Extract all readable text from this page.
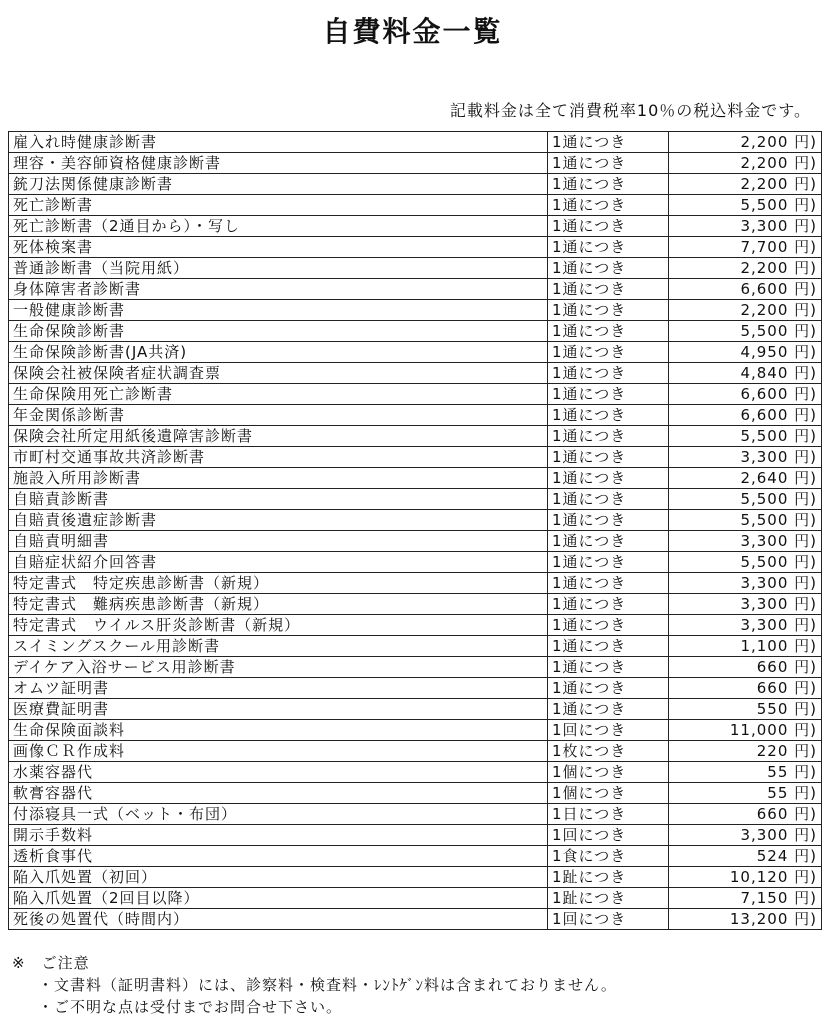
自費料金一覧
記載料金は全て消費税率10％の税込料金です。
雇入れ時健康診断書	1通につき	2,200 円)
理容・美容師資格健康診断書	1通につき	2,200 円)
銃刀法関係健康診断書	1通につき	2,200 円)
死亡診断書	1通につき	5,500 円)
死亡診断書（2通目から）・写し	1通につき	3,300 円)
死体検案書	1通につき	7,700 円)
普通診断書（当院用紙）	1通につき	2,200 円)
身体障害者診断書	1通につき	6,600 円)
一般健康診断書	1通につき	2,200 円)
生命保険診断書	1通につき	5,500 円)
生命保険診断書(JA共済)	1通につき	4,950 円)
保険会社被保険者症状調査票	1通につき	4,840 円)
生命保険用死亡診断書	1通につき	6,600 円)
年金関係診断書	1通につき	6,600 円)
保険会社所定用紙後遺障害診断書	1通につき	5,500 円)
市町村交通事故共済診断書	1通につき	3,300 円)
施設入所用診断書	1通につき	2,640 円)
自賠責診断書	1通につき	5,500 円)
自賠責後遺症診断書	1通につき	5,500 円)
自賠責明細書	1通につき	3,300 円)
自賠症状紹介回答書	1通につき	5,500 円)
特定書式　特定疾患診断書（新規）	1通につき	3,300 円)
特定書式　難病疾患診断書（新規）	1通につき	3,300 円)
特定書式　ウイルス肝炎診断書（新規）	1通につき	3,300 円)
スイミングスクール用診断書	1通につき	1,100 円)
デイケア入浴サービス用診断書	1通につき	660 円)
オムツ証明書	1通につき	660 円)
医療費証明書	1通につき	550 円)
生命保険面談料	1回につき	11,000 円)
画像ＣＲ作成料	1枚につき	220 円)
水薬容器代	1個につき	55 円)
軟膏容器代	1個につき	55 円)
付添寝具一式（ベット・布団）	1日につき	660 円)
開示手数料	1回につき	3,300 円)
透析食事代	1食につき	524 円)
陥入爪処置（初回）	1趾につき	10,120 円)
陥入爪処置（2回目以降）	1趾につき	7,150 円)
死後の処置代（時間内）	1回につき	13,200 円)
※　ご注意
・文書料（証明書料）には、診察料・検査料・ﾚﾝﾄｹﾞﾝ料は含まれておりません。
・ご不明な点は受付までお問合せ下さい。
